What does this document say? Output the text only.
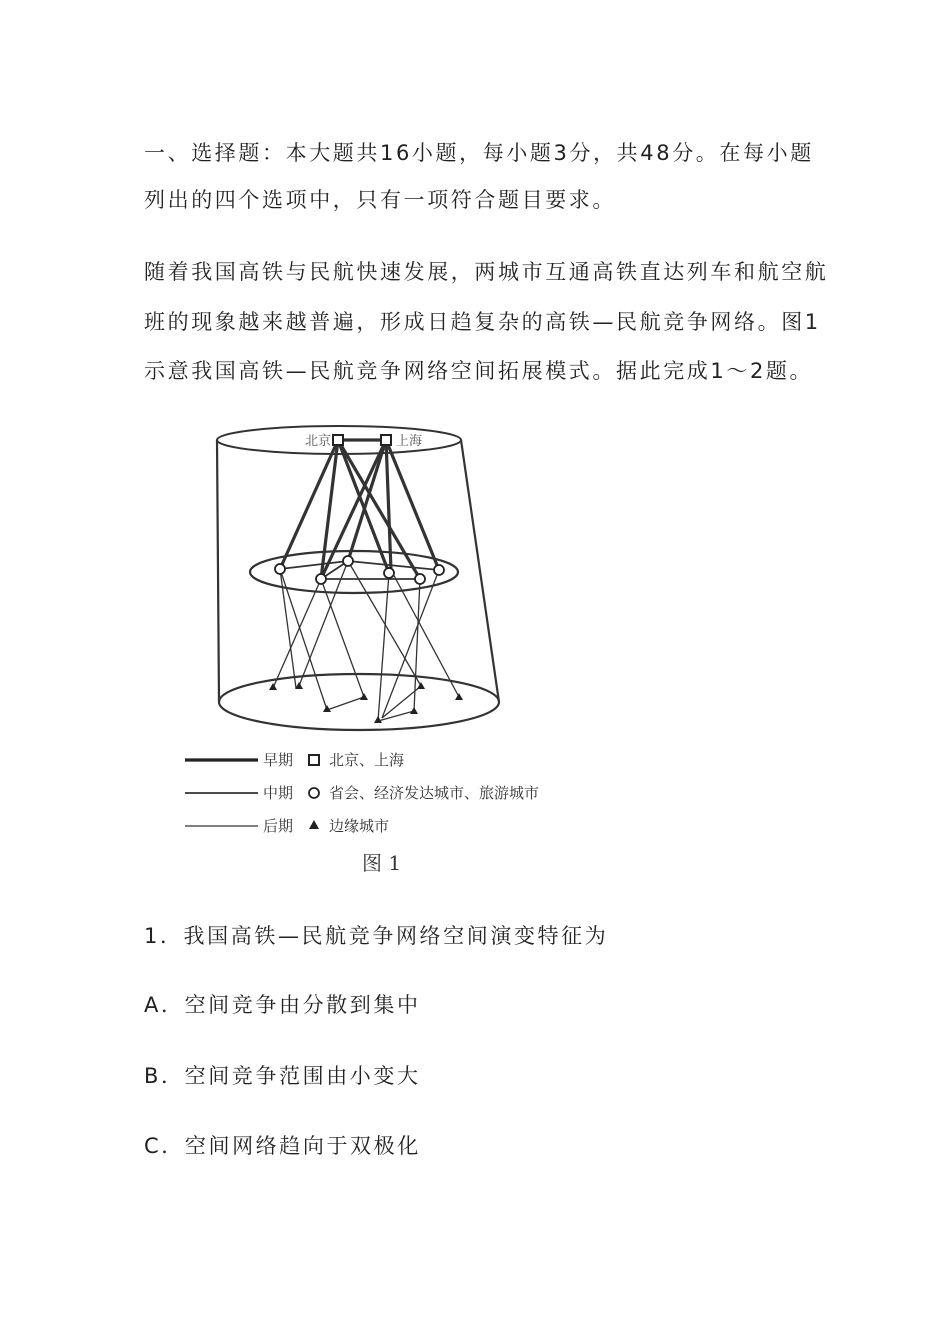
一、选择题：本大题共16小题，每小题3分，共48分。在每小题
列出的四个选项中，只有一项符合题目要求。
随着我国高铁与民航快速发展，两城市互通高铁直达列车和航空航
班的现象越来越普遍，形成日趋复杂的高铁—民航竞争网络。图1
示意我国高铁—民航竞争网络空间拓展模式。据此完成1～2题。
北京	上海
早期 北京、上海
中期 省会、经济发达城市、旅游城市
后期 边缘城市
图 1
1．我国高铁—民航竞争网络空间演变特征为
A．空间竞争由分散到集中
B．空间竞争范围由小变大
C．空间网络趋向于双极化
